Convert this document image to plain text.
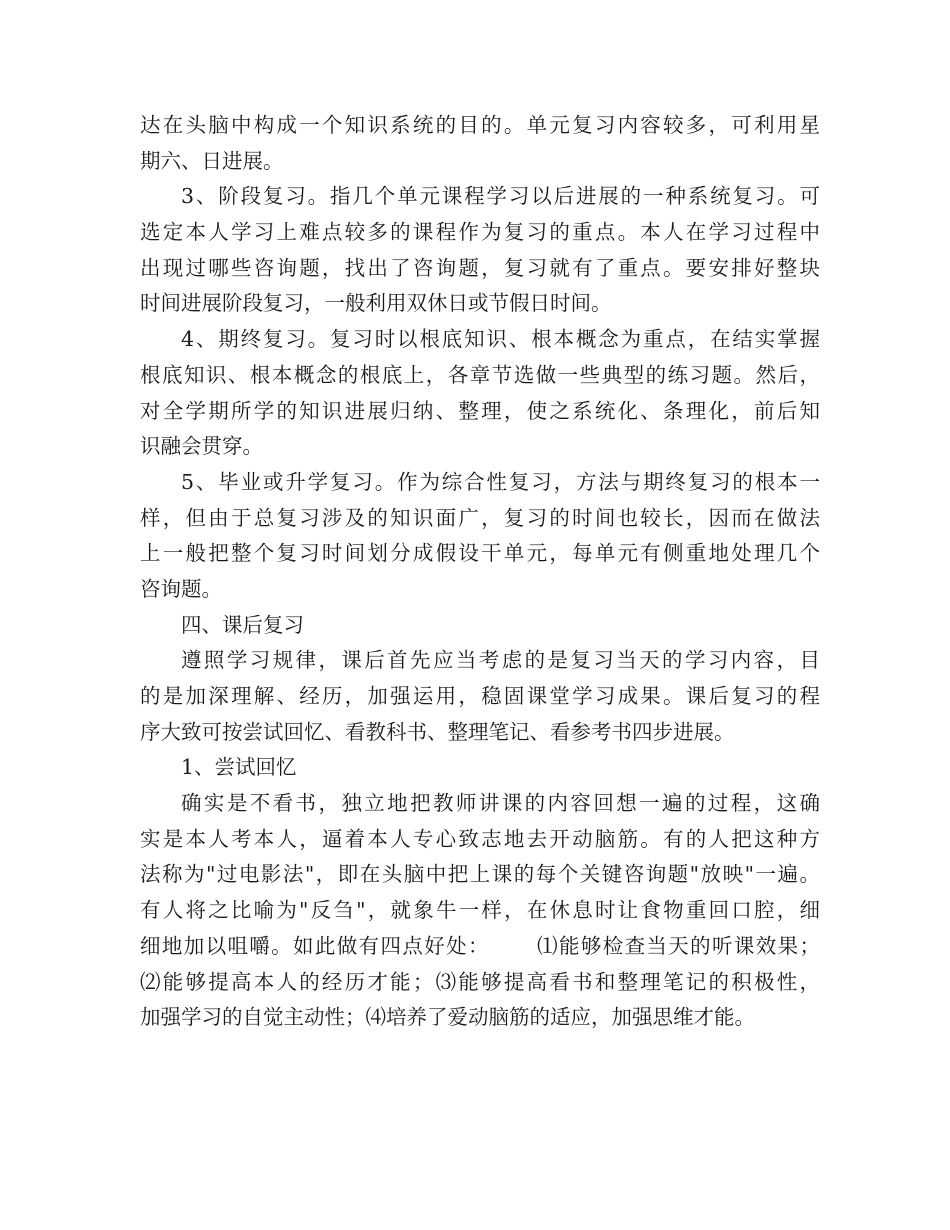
达在头脑中构成一个知识系统的目的。单元复习内容较多，可利用星
期六、日进展。
3、阶段复习。指几个单元课程学习以后进展的一种系统复习。可
选定本人学习上难点较多的课程作为复习的重点。本人在学习过程中
出现过哪些咨询题，找出了咨询题，复习就有了重点。要安排好整块
时间进展阶段复习，一般利用双休日或节假日时间。
4、期终复习。复习时以根底知识、根本概念为重点，在结实掌握
根底知识、根本概念的根底上，各章节选做一些典型的练习题。然后，
对全学期所学的知识进展归纳、整理，使之系统化、条理化，前后知
识融会贯穿。
5、毕业或升学复习。作为综合性复习，方法与期终复习的根本一
样，但由于总复习涉及的知识面广，复习的时间也较长，因而在做法
上一般把整个复习时间划分成假设干单元，每单元有侧重地处理几个
咨询题。
四、课后复习
遵照学习规律，课后首先应当考虑的是复习当天的学习内容，目
的是加深理解、经历，加强运用，稳固课堂学习成果。课后复习的程
序大致可按尝试回忆、看教科书、整理笔记、看参考书四步进展。
1、尝试回忆
确实是不看书，独立地把教师讲课的内容回想一遍的过程，这确
实是本人考本人，逼着本人专心致志地去开动脑筋。有的人把这种方
法称为"过电影法"，即在头脑中把上课的每个关键咨询题"放映"一遍。
有人将之比喻为"反刍"，就象牛一样，在休息时让食物重回口腔，细
细地加以咀嚼。如此做有四点好处：      ⑴能够检查当天的听课效果；
⑵能够提高本人的经历才能；⑶能够提高看书和整理笔记的积极性，
加强学习的自觉主动性；⑷培养了爱动脑筋的适应，加强思维才能。
